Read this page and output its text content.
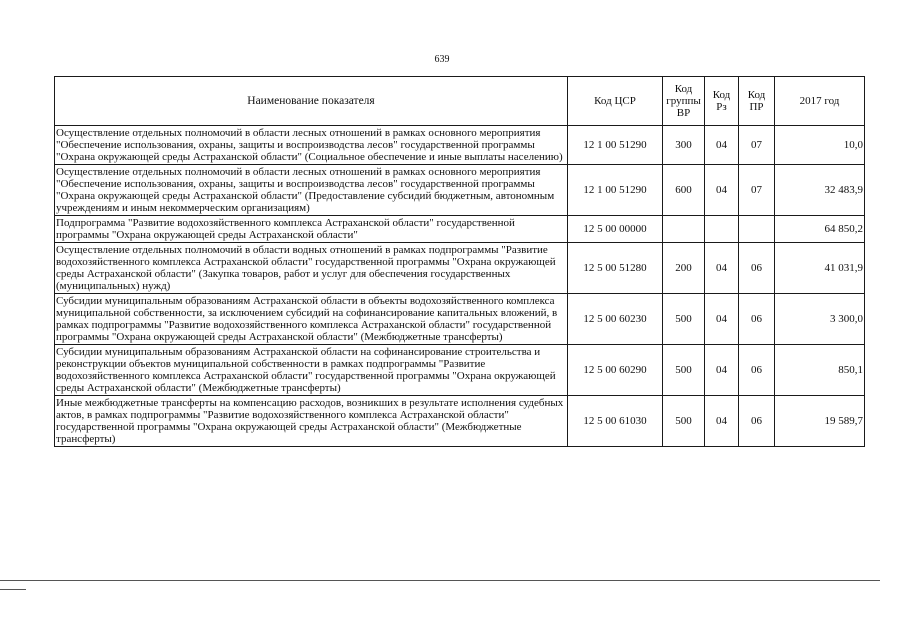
639
Наименование показателя	Код ЦСР	Код группы ВР	Код Рз	Код ПР	2017 год
Осуществление отдельных полномочий в области лесных отношений в рамках основного мероприятия "Обеспечение использования, охраны, защиты и воспроизводства лесов" государственной программы "Охрана окружающей среды Астраханской области" (Социальное обеспечение и иные выплаты населению)	12 1 00 51290	300	04	07	10,0
Осуществление отдельных полномочий в области лесных отношений в рамках основного мероприятия "Обеспечение использования, охраны, защиты и воспроизводства лесов" государственной программы "Охрана окружающей среды Астраханской области" (Предоставление субсидий бюджетным, автономным учреждениям и иным некоммерческим организациям)	12 1 00 51290	600	04	07	32 483,9
Подпрограмма "Развитие водохозяйственного комплекса Астраханской области" государственной программы "Охрана окружающей среды Астраханской области"	12 5 00 00000				64 850,2
Осуществление отдельных полномочий в области водных отношений в рамках подпрограммы "Развитие водохозяйственного комплекса Астраханской области" государственной программы "Охрана окружающей среды Астраханской области" (Закупка товаров, работ и услуг для обеспечения государственных (муниципальных) нужд)	12 5 00 51280	200	04	06	41 031,9
Субсидии муниципальным образованиям Астраханской области в объекты водохозяйственного комплекса муниципальной собственности, за исключением субсидий на софинансирование капитальных вложений, в рамках подпрограммы "Развитие водохозяйственного комплекса Астраханской области" государственной программы "Охрана окружающей среды Астраханской области" (Межбюджетные трансферты)	12 5 00 60230	500	04	06	3 300,0
Субсидии муниципальным образованиям Астраханской области на софинансирование строительства и реконструкции объектов муниципальной собственности в рамках подпрограммы "Развитие водохозяйственного комплекса Астраханской области" государственной программы "Охрана окружающей среды Астраханской области" (Межбюджетные трансферты)	12 5 00 60290	500	04	06	850,1
Иные межбюджетные трансферты на компенсацию расходов, возникших в результате исполнения судебных актов, в рамках подпрограммы "Развитие водохозяйственного комплекса Астраханской области" государственной программы "Охрана окружающей среды Астраханской области" (Межбюджетные трансферты)	12 5 00 61030	500	04	06	19 589,7
